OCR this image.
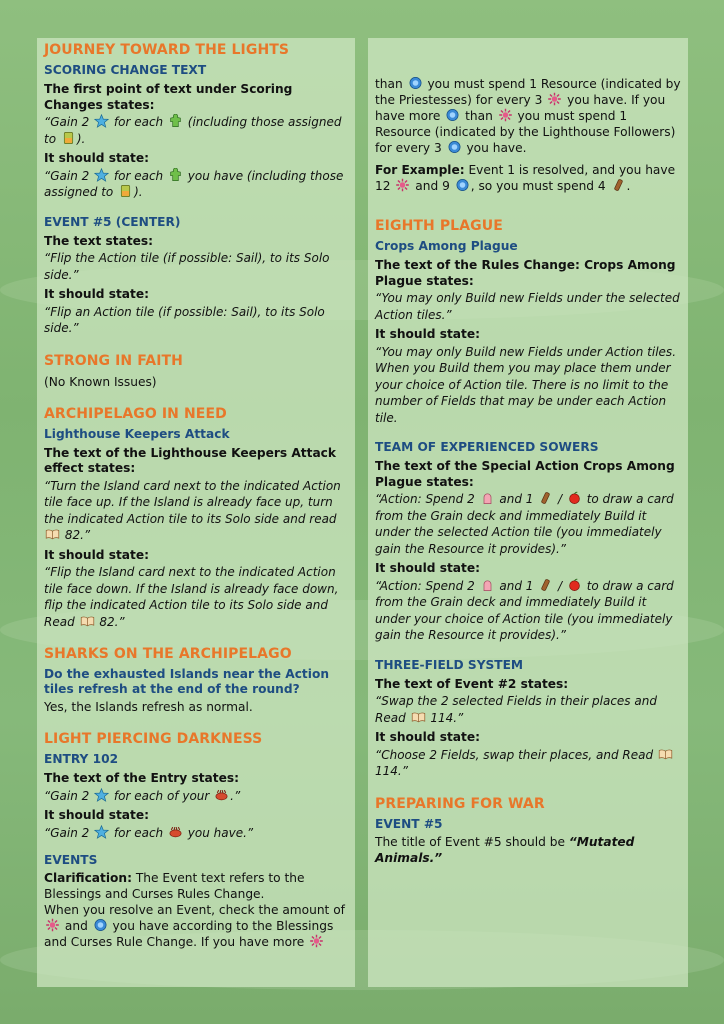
JOURNEY TOWARD THE LIGHTS
SCORING CHANGE TEXT
The first point of text under Scoring Changes states:

“Gain 2  for each  (including those assigned to ).

It should state:

“Gain 2  for each  you have (including those assigned to ).

EVENT #5 (CENTER)
The text states:

“Flip the Action tile (if possible: Sail), to its Solo side.”

It should state:

“Flip an Action tile (if possible: Sail), to its Solo side.”

STRONG IN FAITH

(No Known Issues)

ARCHIPELAGO IN NEED
Lighthouse Keepers Attack
The text of the Lighthouse Keepers Attack effect states:

“Turn the Island card next to the indicated Action tile face up. If the Island is already face up, turn the indicated Action tile to its Solo side and read  82.”

It should state:

“Flip the Island card next to the indicated Action tile face down. If the Island is already face down, flip the indicated Action tile to its Solo side and Read  82.”

SHARKS ON THE ARCHIPELAGO
Do the exhausted Islands near the Action tiles refresh at the end of the round?

Yes, the Islands refresh as normal.

LIGHT PIERCING DARKNESS
ENTRY 102
The text of the Entry states:

“Gain 2  for each of your .”

It should state:

“Gain 2  for each  you have.”

EVENTS

Clarification: The Event text refers to the Blessings and Curses Rules Change.

When you resolve an Event, check the amount of  and  you have according to the Blessings and Curses Rule Change. If you have more

than  you must spend 1 Resource (indicated by the Priestesses) for every 3  you have. If you have more  than  you must spend 1 Resource (indicated by the Lighthouse Followers) for every 3  you have.

For Example: Event 1 is resolved, and you have 12  and 9 , so you must spend 4 .

EIGHTH PLAGUE
Crops Among Plague
The text of the Rules Change: Crops Among Plague states:

“You may only Build new Fields under the selected Action tiles.”

It should state:

“You may only Build new Fields under Action tiles. When you Build them you may place them under your choice of Action tile. There is no limit to the number of Fields that may be under each Action tile.

TEAM OF EXPERIENCED SOWERS
The text of the Special Action Crops Among Plague states:

“Action: Spend 2  and 1  /  to draw a card from the Grain deck and immediately Build it under the selected Action tile (you immediately gain the Resource it provides).”

It should state:

“Action: Spend 2  and 1  /  to draw a card from the Grain deck and immediately Build it under your choice of Action tile (you immediately gain the Resource it provides).”

THREE-FIELD SYSTEM
The text of Event #2 states:

“Swap the 2 selected Fields in their places and Read  114.”

It should state:

“Choose 2 Fields, swap their places, and Read  114.”

PREPARING FOR WAR
EVENT #5

The title of Event #5 should be “Mutated Animals.”
